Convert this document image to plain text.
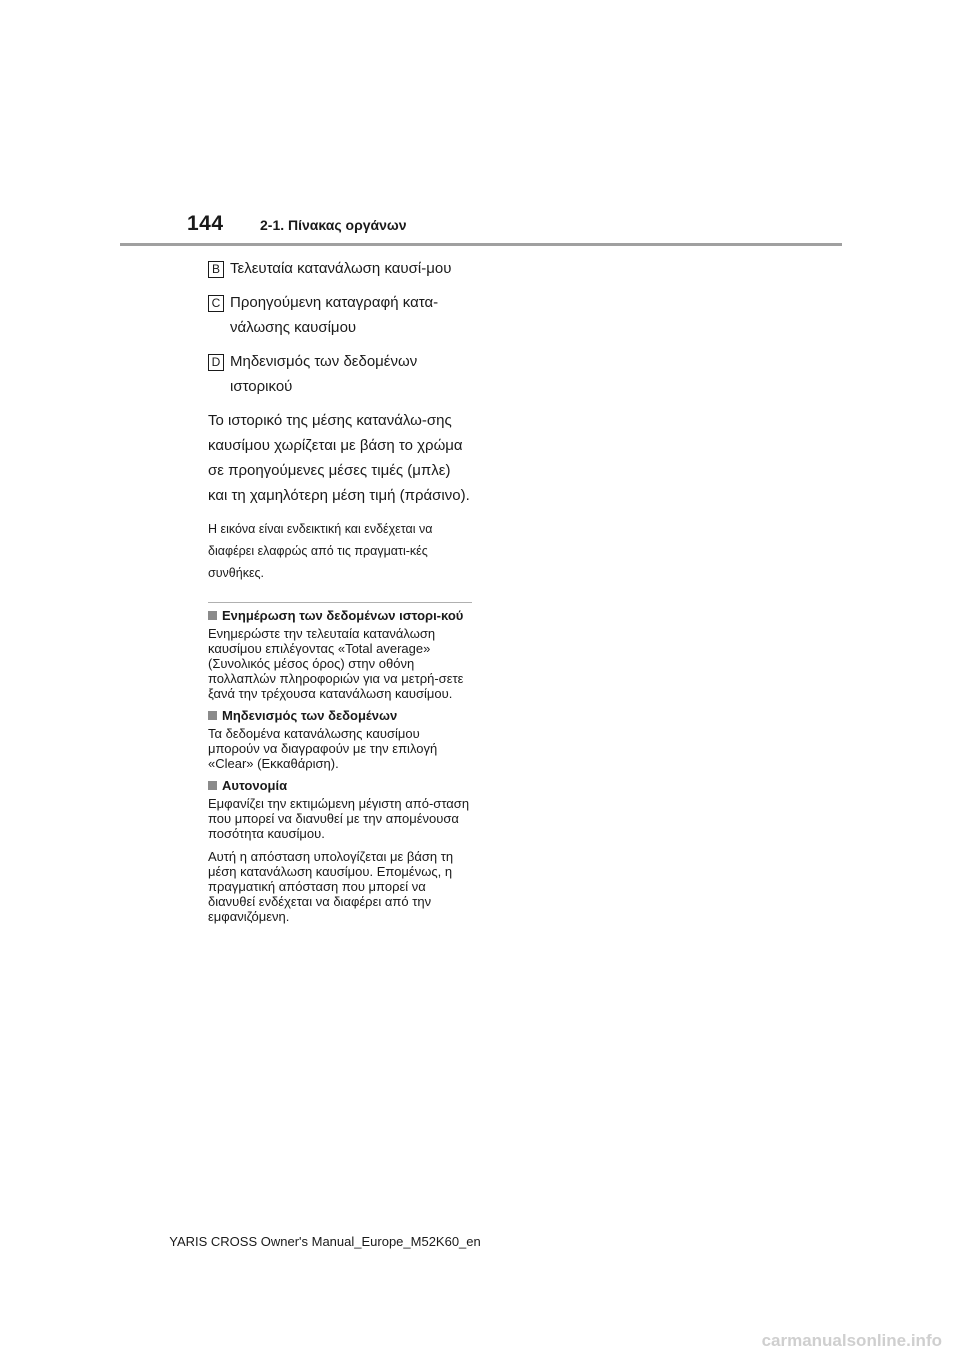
144	2-1. Πίνακας οργάνων
B Τελευταία κατανάλωση καυσί-μου
C Προηγούμενη καταγραφή κατα-νάλωσης καυσίμου
D Μηδενισμός των δεδομένων ιστορικού

Το ιστορικό της μέσης κατανάλω-σης καυσίμου χωρίζεται με βάση το χρώμα σε προηγούμενες μέσες τιμές (μπλε) και τη χαμηλότερη μέση τιμή (πράσινο).

Η εικόνα είναι ενδεικτική και ενδέχεται να διαφέρει ελαφρώς από τις πραγματι-κές συνθήκες.

Ενημέρωση των δεδομένων ιστορι-κού

Ενημερώστε την τελευταία κατανάλωση καυσίμου επιλέγοντας «Total average» (Συνολικός μέσος όρος) στην οθόνη πολλαπλών πληροφοριών για να μετρή-σετε ξανά την τρέχουσα κατανάλωση καυσίμου.

Μηδενισμός των δεδομένων

Τα δεδομένα κατανάλωσης καυσίμου μπορούν να διαγραφούν με την επιλογή «Clear» (Εκκαθάριση).

Αυτονομία

Εμφανίζει την εκτιμώμενη μέγιστη από-σταση που μπορεί να διανυθεί με την απομένουσα ποσότητα καυσίμου.

Αυτή η απόσταση υπολογίζεται με βάση τη μέση κατανάλωση καυσίμου. Επομένως, η πραγματική απόσταση που μπορεί να διανυθεί ενδέχεται να διαφέρει από την εμφανιζόμενη.

YARIS CROSS Owner's Manual_Europe_M52K60_en
carmanualsonline.info
